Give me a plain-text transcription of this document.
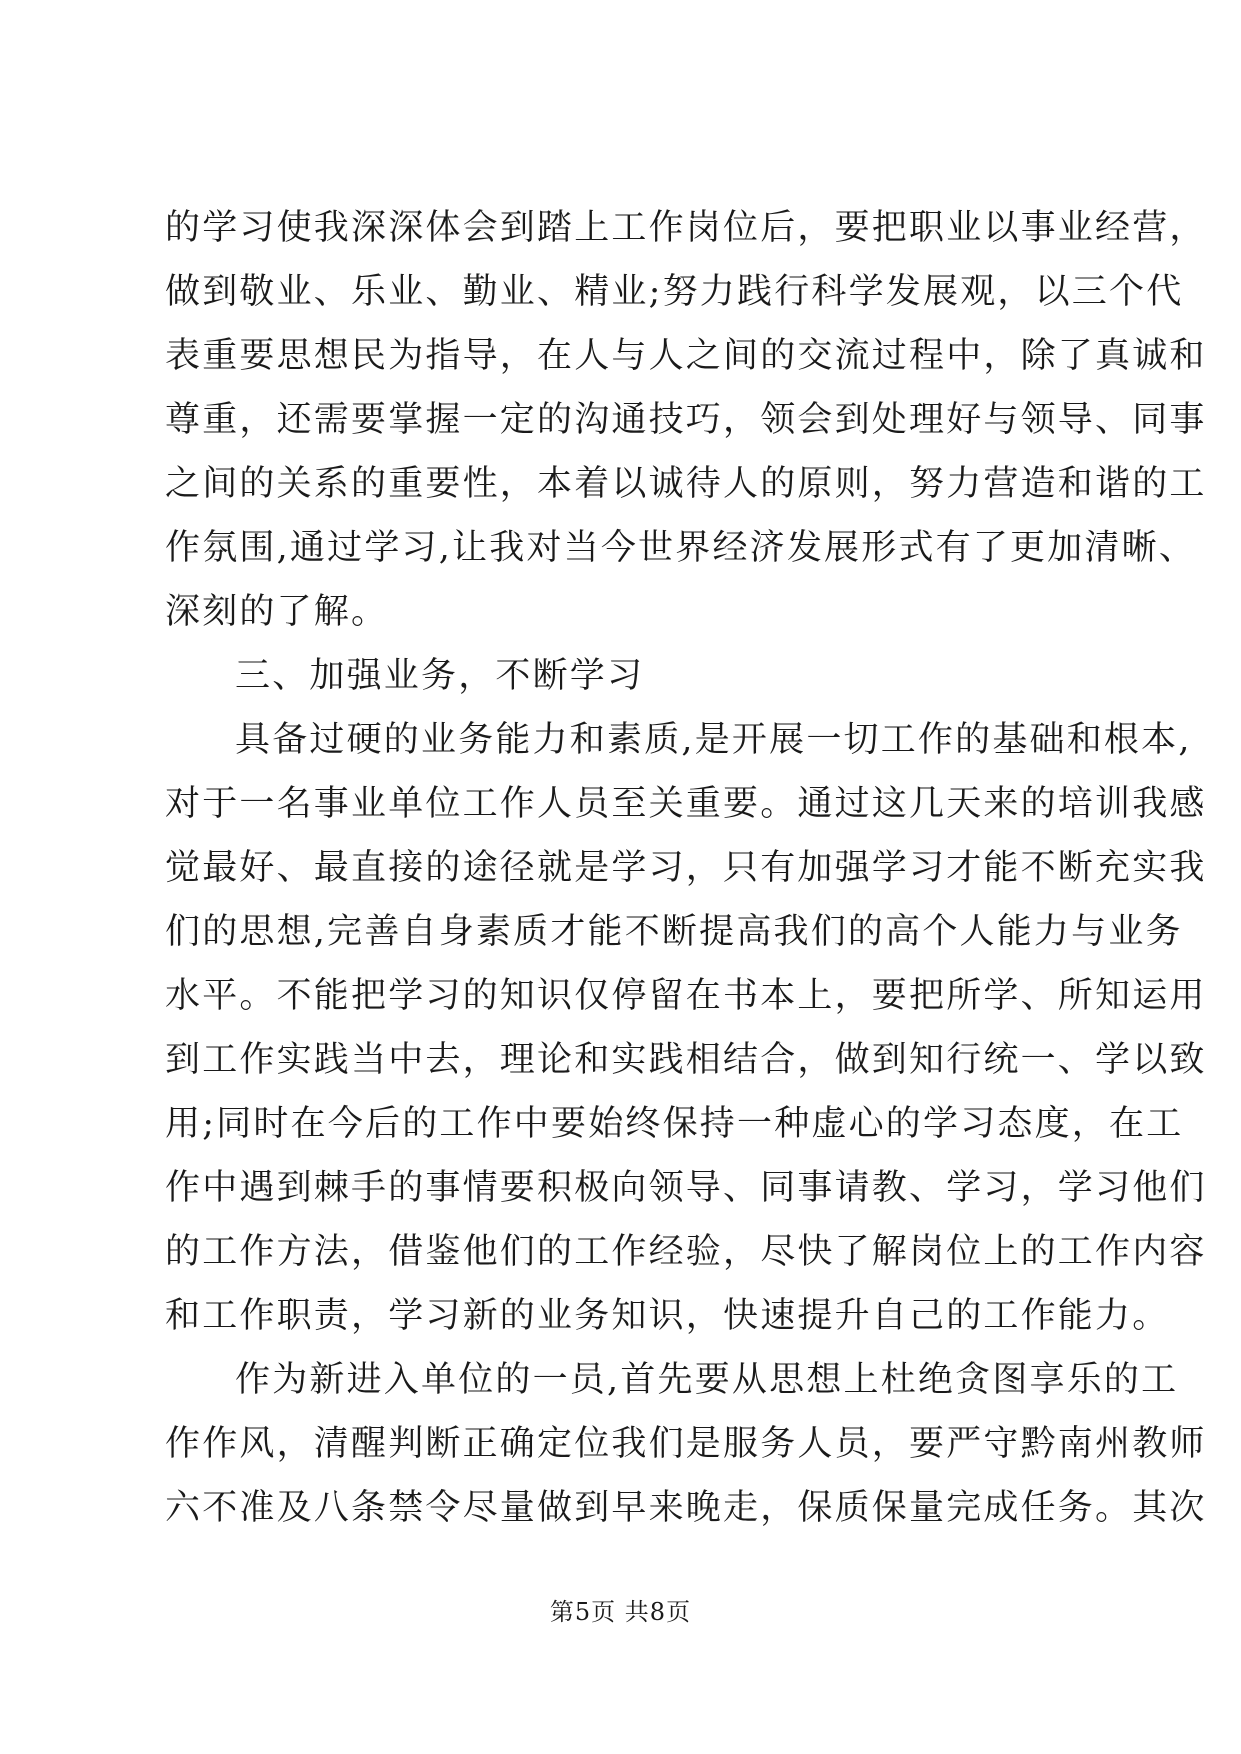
的学习使我深深体会到踏上工作岗位后，要把职业以事业经营，
做到敬业、乐业、勤业、精业;努力践行科学发展观，以三个代
表重要思想民为指导，在人与人之间的交流过程中，除了真诚和
尊重，还需要掌握一定的沟通技巧，领会到处理好与领导、同事
之间的关系的重要性，本着以诚待人的原则，努力营造和谐的工
作氛围,通过学习,让我对当今世界经济发展形式有了更加清晰、
深刻的了解。
三、加强业务，不断学习
具备过硬的业务能力和素质,是开展一切工作的基础和根本,
对于一名事业单位工作人员至关重要。通过这几天来的培训我感
觉最好、最直接的途径就是学习，只有加强学习才能不断充实我
们的思想,完善自身素质才能不断提高我们的高个人能力与业务
水平。不能把学习的知识仅停留在书本上，要把所学、所知运用
到工作实践当中去，理论和实践相结合，做到知行统一、学以致
用;同时在今后的工作中要始终保持一种虚心的学习态度，在工
作中遇到棘手的事情要积极向领导、同事请教、学习，学习他们
的工作方法，借鉴他们的工作经验，尽快了解岗位上的工作内容
和工作职责，学习新的业务知识，快速提升自己的工作能力。
作为新进入单位的一员,首先要从思想上杜绝贪图享乐的工
作作风，清醒判断正确定位我们是服务人员，要严守黔南州教师
六不准及八条禁令尽量做到早来晚走，保质保量完成任务。其次
第5页 共8页
